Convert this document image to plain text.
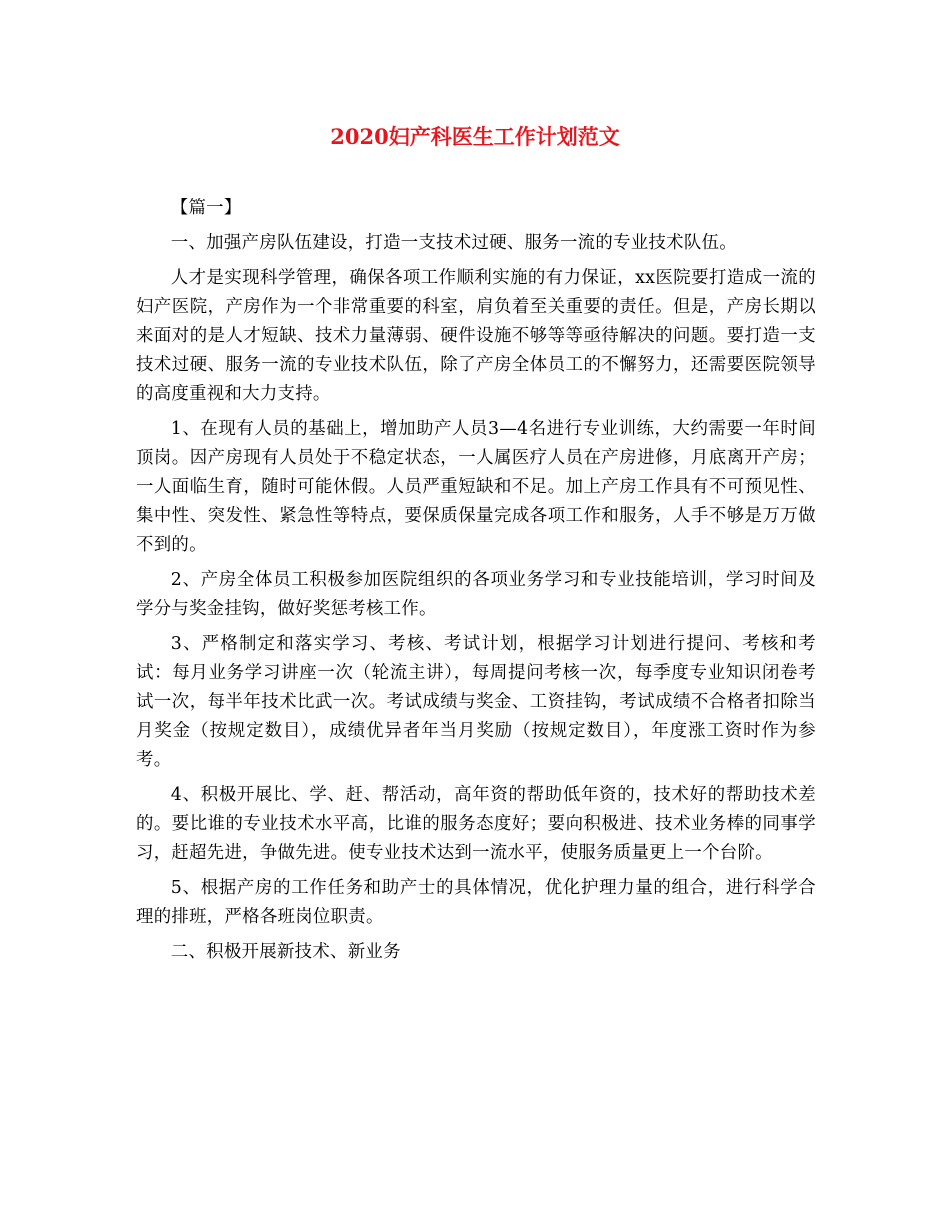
2020妇产科医生工作计划范文

【篇一】

一、加强产房队伍建设，打造一支技术过硬、服务一流的专业技术队伍。

人才是实现科学管理，确保各项工作顺利实施的有力保证，xx医院要打造成一流的妇产医院，产房作为一个非常重要的科室，肩负着至关重要的责任。但是，产房长期以来面对的是人才短缺、技术力量薄弱、硬件设施不够等等亟待解决的问题。要打造一支技术过硬、服务一流的专业技术队伍，除了产房全体员工的不懈努力，还需要医院领导的高度重视和大力支持。

1、在现有人员的基础上，增加助产人员3—4名进行专业训练，大约需要一年时间顶岗。因产房现有人员处于不稳定状态，一人属医疗人员在产房进修，月底离开产房；一人面临生育，随时可能休假。人员严重短缺和不足。加上产房工作具有不可预见性、集中性、突发性、紧急性等特点，要保质保量完成各项工作和服务，人手不够是万万做不到的。

2、产房全体员工积极参加医院组织的各项业务学习和专业技能培训，学习时间及学分与奖金挂钩，做好奖惩考核工作。

3、严格制定和落实学习、考核、考试计划，根据学习计划进行提问、考核和考试：每月业务学习讲座一次（轮流主讲），每周提问考核一次，每季度专业知识闭卷考试一次，每半年技术比武一次。考试成绩与奖金、工资挂钩，考试成绩不合格者扣除当月奖金（按规定数目），成绩优异者年当月奖励（按规定数目），年度涨工资时作为参考。

4、积极开展比、学、赶、帮活动，高年资的帮助低年资的，技术好的帮助技术差的。要比谁的专业技术水平高，比谁的服务态度好；要向积极进、技术业务棒的同事学习，赶超先进，争做先进。使专业技术达到一流水平，使服务质量更上一个台阶。

5、根据产房的工作任务和助产士的具体情况，优化护理力量的组合，进行科学合理的排班，严格各班岗位职责。

二、积极开展新技术、新业务
